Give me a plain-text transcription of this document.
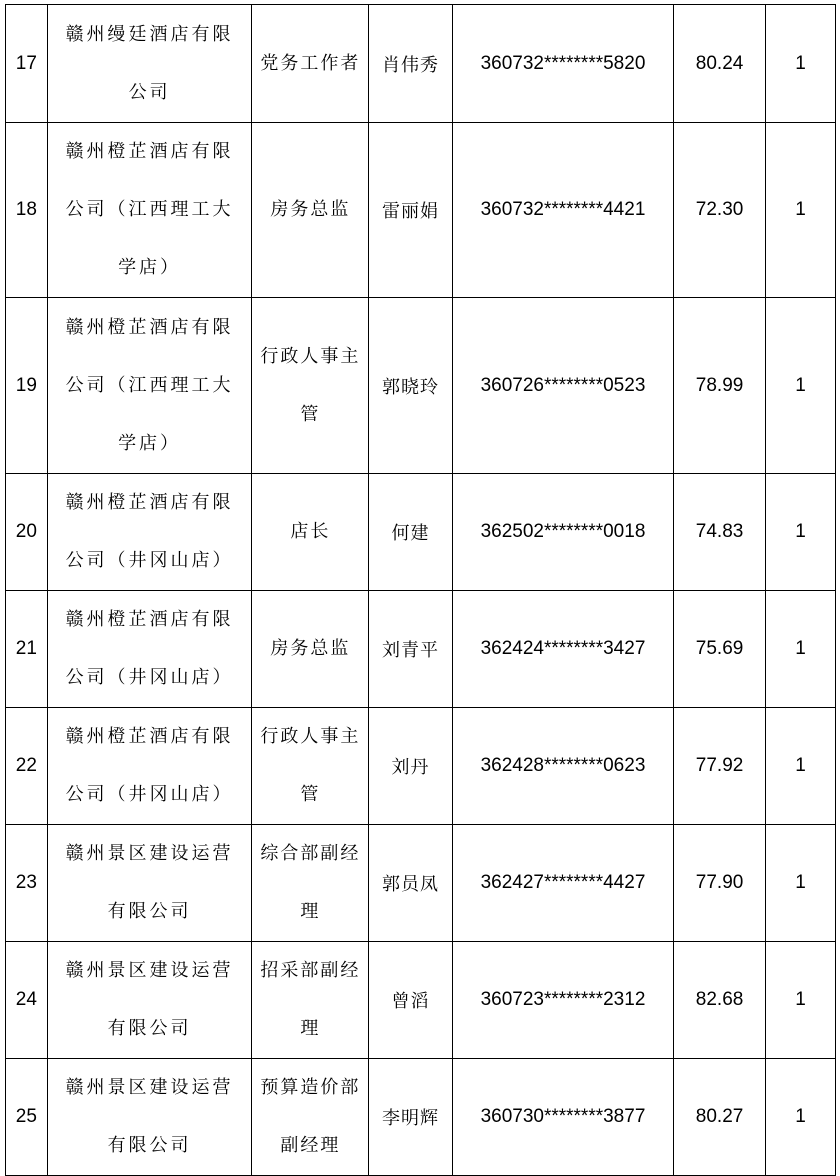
17	赣州缦廷酒店有限公司	党务工作者	肖伟秀	360732********5820	80.24	1
18	赣州橙芷酒店有限公司（江西理工大学店）	房务总监	雷丽娟	360732********4421	72.30	1
19	赣州橙芷酒店有限公司（江西理工大学店）	行政人事主管	郭晓玲	360726********0523	78.99	1
20	赣州橙芷酒店有限公司（井冈山店）	店长	何建	362502********0018	74.83	1
21	赣州橙芷酒店有限公司（井冈山店）	房务总监	刘青平	362424********3427	75.69	1
22	赣州橙芷酒店有限公司（井冈山店）	行政人事主管	刘丹	362428********0623	77.92	1
23	赣州景区建设运营有限公司	综合部副经理	郭员凤	362427********4427	77.90	1
24	赣州景区建设运营有限公司	招采部副经理	曾滔	360723********2312	82.68	1
25	赣州景区建设运营有限公司	预算造价部副经理	李明辉	360730********3877	80.27	1
